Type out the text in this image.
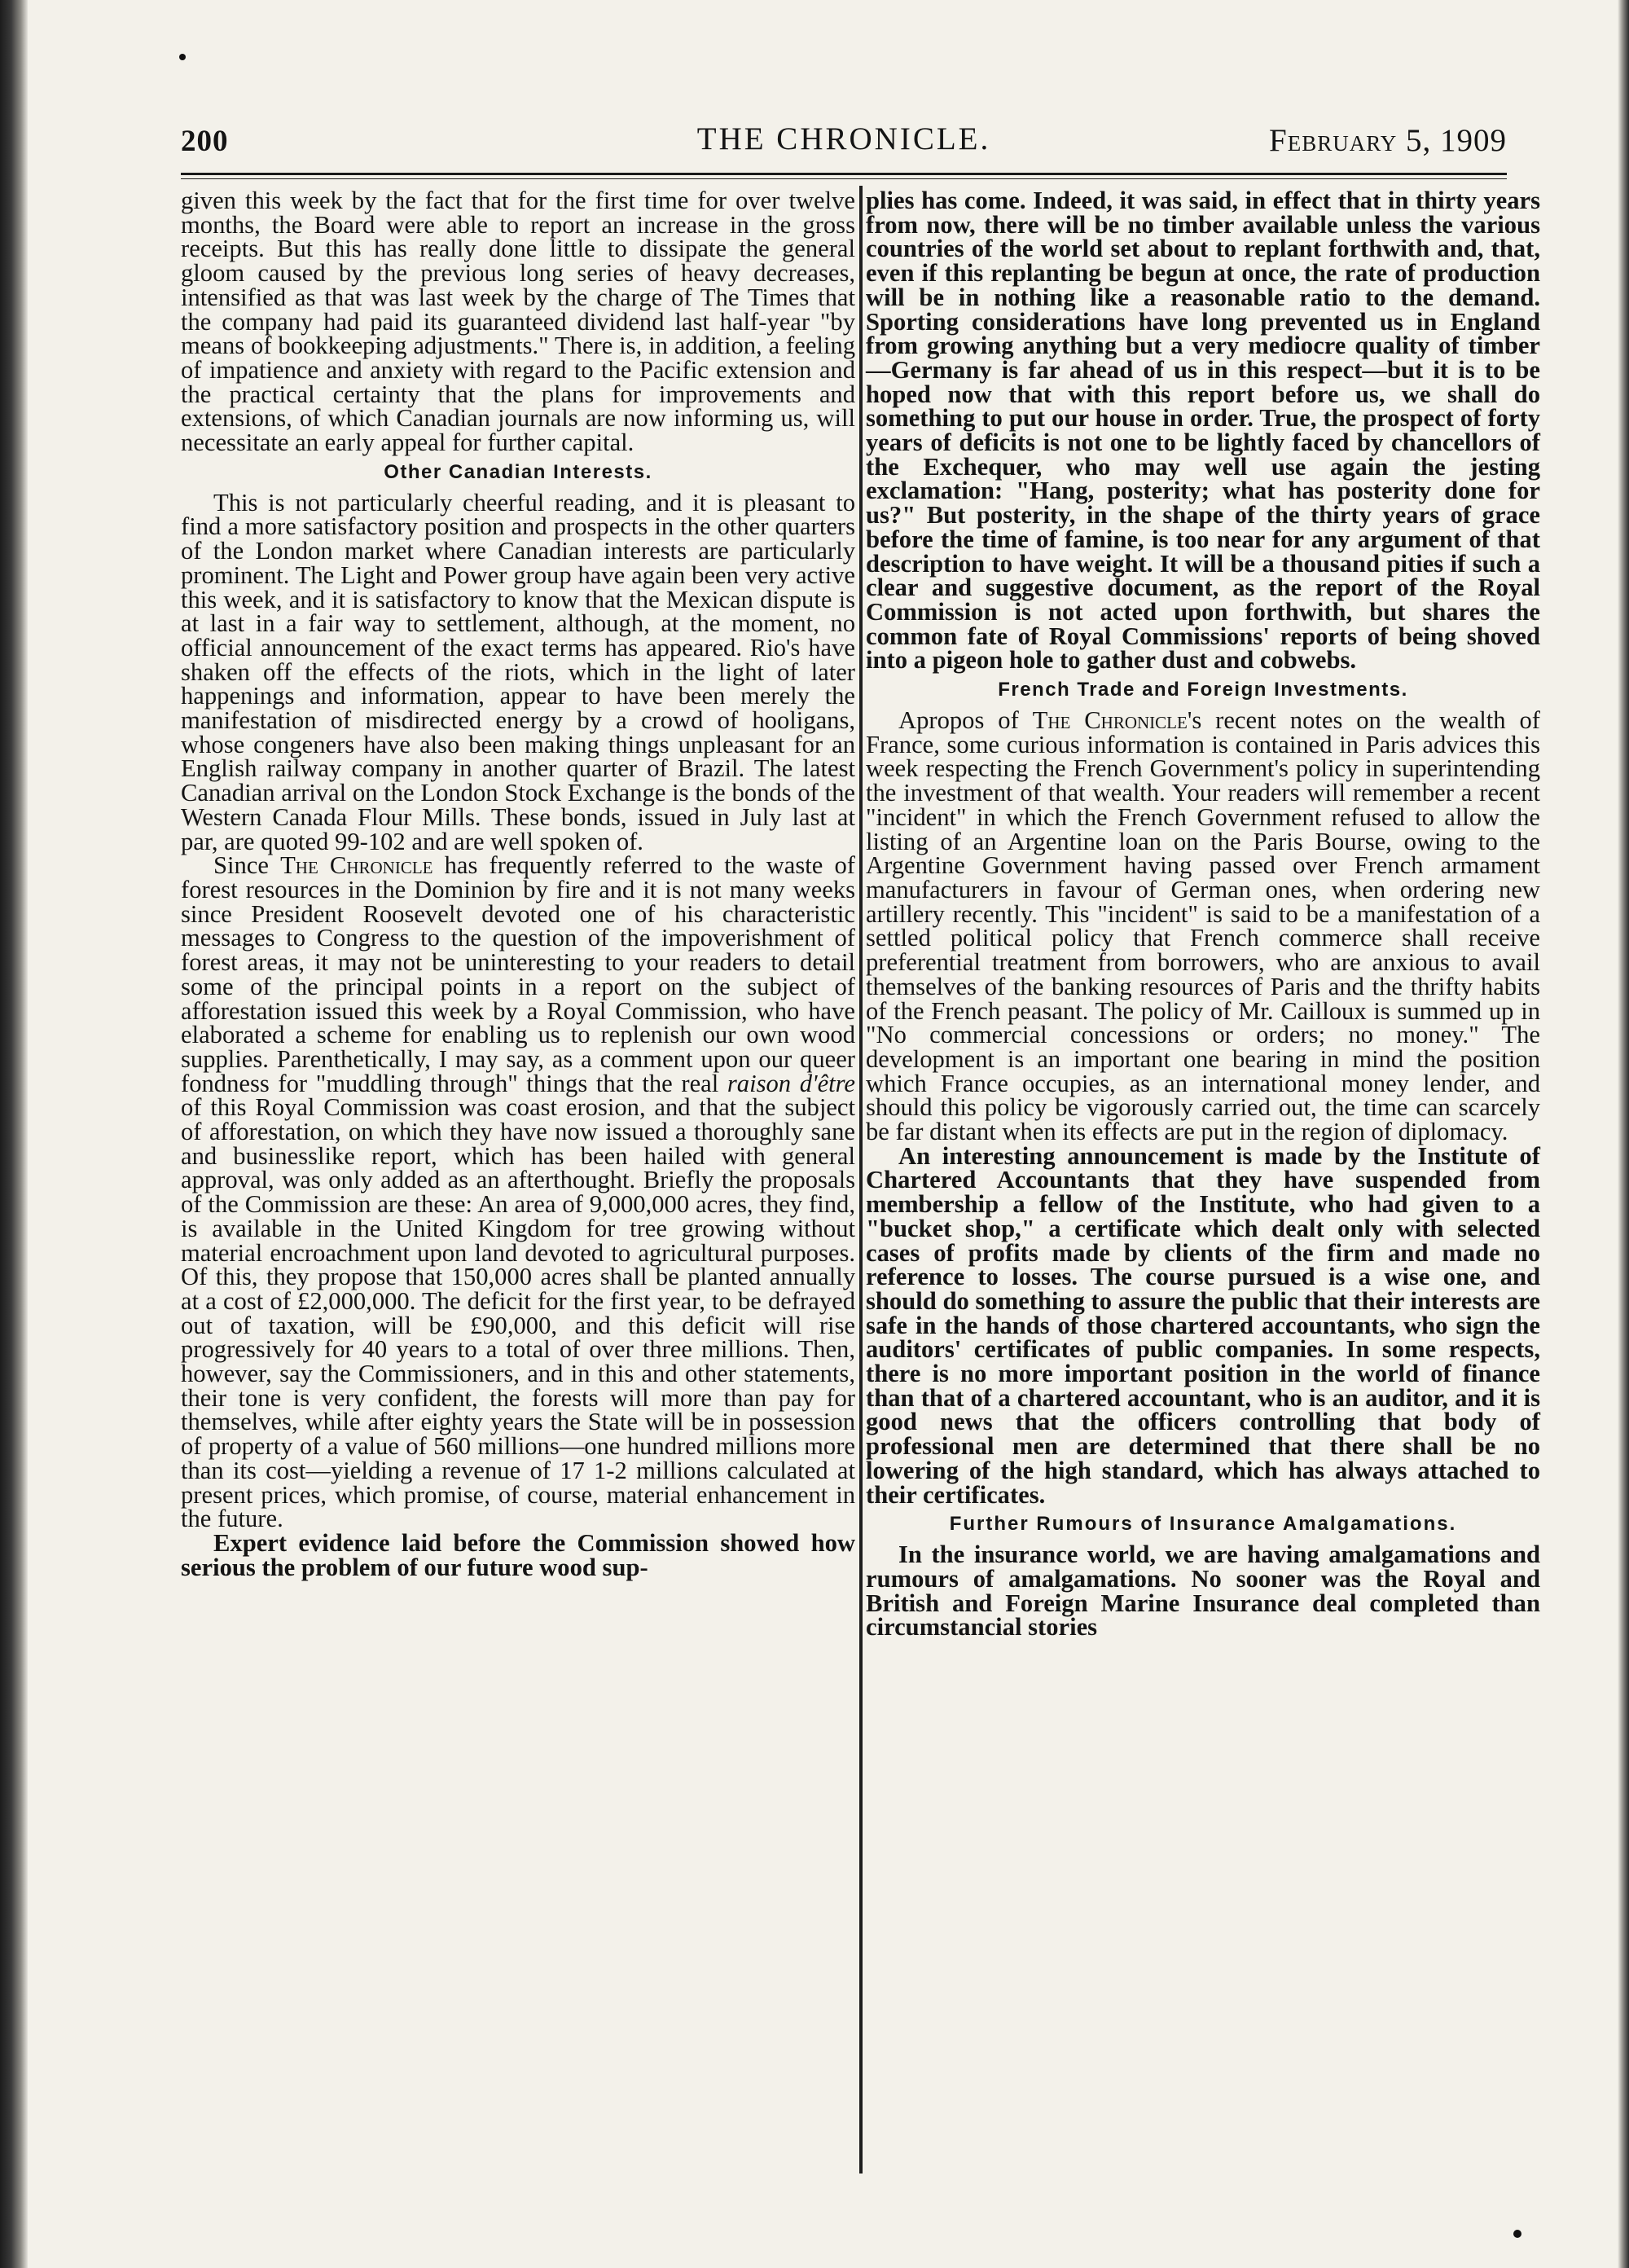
200	THE CHRONICLE.	February 5, 1909

given this week by the fact that for the first time for over twelve months, the Board were able to report an increase in the gross receipts. But this has really done little to dissipate the general gloom caused by the previous long series of heavy decreases, intensified as that was last week by the charge of The Times that the company had paid its guaranteed dividend last half-year "by means of bookkeeping adjustments." There is, in addition, a feeling of impatience and anxiety with regard to the Pacific extension and the practical certainty that the plans for improvements and extensions, of which Canadian journals are now informing us, will necessitate an early appeal for further capital.

Other Canadian Interests.

This is not particularly cheerful reading, and it is pleasant to find a more satisfactory position and prospects in the other quarters of the London market where Canadian interests are particularly prominent. The Light and Power group have again been very active this week, and it is satisfactory to know that the Mexican dispute is at last in a fair way to settlement, although, at the moment, no official announcement of the exact terms has appeared. Rio's have shaken off the effects of the riots, which in the light of later happenings and information, appear to have been merely the manifestation of misdirected energy by a crowd of hooligans, whose congeners have also been making things unpleasant for an English railway company in another quarter of Brazil. The latest Canadian arrival on the London Stock Exchange is the bonds of the Western Canada Flour Mills. These bonds, issued in July last at par, are quoted 99-102 and are well spoken of.

Since The Chronicle has frequently referred to the waste of forest resources in the Dominion by fire and it is not many weeks since President Roosevelt devoted one of his characteristic messages to Congress to the question of the impoverishment of forest areas, it may not be uninteresting to your readers to detail some of the principal points in a report on the subject of afforestation issued this week by a Royal Commission, who have elaborated a scheme for enabling us to replenish our own wood supplies. Parenthetically, I may say, as a comment upon our queer fondness for "muddling through" things that the real raison d'être of this Royal Commission was coast erosion, and that the subject of afforestation, on which they have now issued a thoroughly sane and businesslike report, which has been hailed with general approval, was only added as an afterthought. Briefly the proposals of the Commission are these: An area of 9,000,000 acres, they find, is available in the United Kingdom for tree growing without material encroachment upon land devoted to agricultural purposes. Of this, they propose that 150,000 acres shall be planted annually at a cost of £2,000,000. The deficit for the first year, to be defrayed out of taxation, will be £90,000, and this deficit will rise progressively for 40 years to a total of over three millions. Then, however, say the Commissioners, and in this and other statements, their tone is very confident, the forests will more than pay for themselves, while after eighty years the State will be in possession of property of a value of 560 millions—one hundred millions more than its cost—yielding a revenue of 17 1-2 millions calculated at present prices, which promise, of course, material enhancement in the future.

Expert evidence laid before the Commission showed how serious the problem of our future wood sup-

plies has come. Indeed, it was said, in effect that in thirty years from now, there will be no timber available unless the various countries of the world set about to replant forthwith and, that, even if this replanting be begun at once, the rate of production will be in nothing like a reasonable ratio to the demand. Sporting considerations have long prevented us in England from growing anything but a very mediocre quality of timber—Germany is far ahead of us in this respect—but it is to be hoped now that with this report before us, we shall do something to put our house in order. True, the prospect of forty years of deficits is not one to be lightly faced by chancellors of the Exchequer, who may well use again the jesting exclamation: "Hang, posterity; what has posterity done for us?" But posterity, in the shape of the thirty years of grace before the time of famine, is too near for any argument of that description to have weight. It will be a thousand pities if such a clear and suggestive document, as the report of the Royal Commission is not acted upon forthwith, but shares the common fate of Royal Commissions' reports of being shoved into a pigeon hole to gather dust and cobwebs.

French Trade and Foreign Investments.

Apropos of The Chronicle's recent notes on the wealth of France, some curious information is contained in Paris advices this week respecting the French Government's policy in superintending the investment of that wealth. Your readers will remember a recent "incident" in which the French Government refused to allow the listing of an Argentine loan on the Paris Bourse, owing to the Argentine Government having passed over French armament manufacturers in favour of German ones, when ordering new artillery recently. This "incident" is said to be a manifestation of a settled political policy that French commerce shall receive preferential treatment from borrowers, who are anxious to avail themselves of the banking resources of Paris and the thrifty habits of the French peasant. The policy of Mr. Cailloux is summed up in "No commercial concessions or orders; no money." The development is an important one bearing in mind the position which France occupies, as an international money lender, and should this policy be vigorously carried out, the time can scarcely be far distant when its effects are put in the region of diplomacy.

An interesting announcement is made by the Institute of Chartered Accountants that they have suspended from membership a fellow of the Institute, who had given to a "bucket shop," a certificate which dealt only with selected cases of profits made by clients of the firm and made no reference to losses. The course pursued is a wise one, and should do something to assure the public that their interests are safe in the hands of those chartered accountants, who sign the auditors' certificates of public companies. In some respects, there is no more important position in the world of finance than that of a chartered accountant, who is an auditor, and it is good news that the officers controlling that body of professional men are determined that there shall be no lowering of the high standard, which has always attached to their certificates.

Further Rumours of Insurance Amalgamations.

In the insurance world, we are having amalgamations and rumours of amalgamations. No sooner was the Royal and British and Foreign Marine Insurance deal completed than circumstancial stories
